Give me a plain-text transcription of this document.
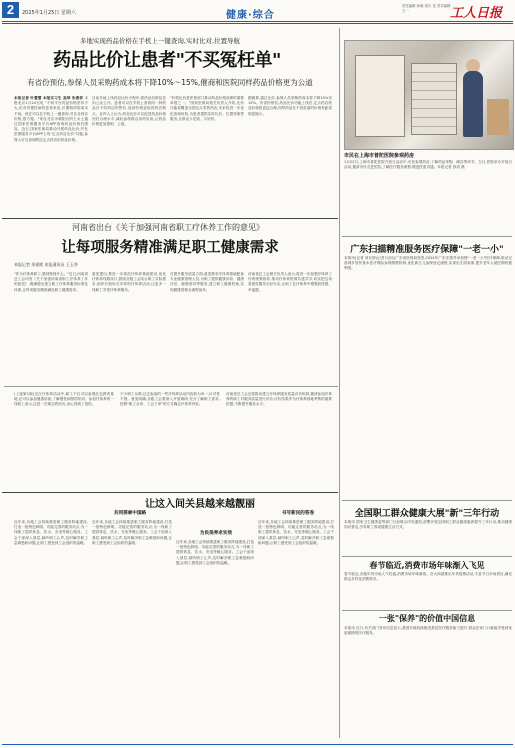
2	2025年1月25日 星期六	健康·综合
责任编辑 孙晓 周川 见 美术编辑 王一	工人日报
多地实现药品价格在手机上一键查询,实时比对,位置导航
药品比价让患者"不买冤枉单"
有省份预估,参保人员采购药成本将下降10%～15%,催商和医院同样药品价格更为公道
本报记者 叶蕾蕾 本报实习生 高琴 朱燕菲 本报北京1月24日电 "不同平台药品价格差异不大,但对有慢性病的患者来说,长期购药的成本不低。现在可以在手机上一键查询,对比各药店价格,很方便。"家住北京市朝阳区的王女士通过国家医保服务平台APP查询药品价格后感叹。近日,国家医保局推动开展药品比价,并在医保服务平台APP上线"定点药店比价"功能,参保人可以查询附近定点药店的药品价格。
目前多地上线药品比价小程序,将药品价格信息向公众公开。患者可以在手机上查看同一种药品在不同药店的售价,选择价格更低的药店购买。业内人士认为,药品比价可以促进药品价格回归合理水平,减轻参保群众用药负担,让药品价格更加透明、公道。
"价格比价是医保部门推动药品价格治理的重要举措之一。"国家医保局相关负责人介绍,比价功能将覆盖全国定点零售药店,未来将进一步优化查询体验,为患者提供实时比价、位置导航等服务,让群众少花钱、买好药。
据测算,通过比价,参保人员采购药成本将下降10%至15%。有省份预估,药品比价功能上线后,定点药店药品价格将更趋合理,同样药品在不同渠道的价格差距将明显缩小。
市民在上海市普陀医院参观药房
1月22日,上海市普陀医院开放日活动中,市民参观药房,了解药品采购、储存等环节。当日,医院举办开放日活动,邀请市民走进医院,了解医疗服务流程,增进医患沟通。本报记者 钱培 摄
广东扫描精准服务医疗保障"一老一小"
本报讯(记者 刘友婷)记者日前从广东省医保局获悉,2024年广东多措并举加强"一老一小"医疗保障,推动完善城乡居民基本医疗保险参保缴费机制,优化新生儿参保登记流程,实现出生即参保,提升老年人就医购药便利度。
全国职工群众健康大展"新"三年行动
本报讯 国家卫生健康委等部门日前联合印发通知,部署开展全国职工群众健康素养提升三年行动,推动健康知识普及,引导职工养成健康生活方式。
春节临近,消费市场年味渐入飞见
春节临近,各地年货市场人气旺盛,消费市场年味渐浓。各大商超推出年货促销活动,丰富节日市场供应,满足群众多样化消费需求。
一张"保养"的价值中国信息
本报讯 近日,有关部门发布信息显示,我国多地持续推进基层医疗服务能力提升,群众在家门口就能享受到优质便捷的医疗服务。
河南省出台《关于加强河南省职工疗休养工作的意见》
让每项服务精准满足职工健康需求
本报记者 余嘉熙 本报通讯员 王玉华
"作为疗休养职工,感到特别开心。"近日,河南省总工会印发《关于加强河南省职工疗休养工作的意见》,明确提出建立职工疗休养服务标准化体系,让每项服务精准满足职工健康需求。
意见提出,要进一步规范疗休养基地建设,优化疗休养线路设计,鼓励各级工会结合职工实际需求,组织开展形式多样的疗休养活动,让更多一线职工享受疗休养服务。
在提升服务质量方面,意见要求疗休养基地配备专业健康管理人员,为职工提供健康体检、健康评估、健康指导等服务,建立职工健康档案,实现健康管理全流程闭环。
河南省总工会相关负责人表示,将进一步加强疗休养工作的统筹指导,推动疗休养资源共建共享,切实把这项普惠性服务办好办实,让职工在疗休养中增强获得感、幸福感。
(上接第1版)这次疗休养活动中,职工不仅可以参观红色教育基地,还可以参加健康讲座,了解慢性病预防知识。参加疗休养的一线职工表示,这是一次难忘的经历,身心得到了放松。
不少职工反映,过去参加的一些疗休养活动内容较为单一,针对性不强。意见明确,各级工会要深入开展调研,充分了解职工需求,按照"职工点单、工会下单"的方式确定疗休养内容。
河南省总工会还将推动建立疗休养服务质量评价机制,邀请参加疗休养的职工对服务质量进行评价,评价结果作为疗休养基地考核的重要依据,不断提升服务水平。
让这入间关县越来越靓丽
共同探索中国路
为民保养求实效
书写新民的答卷
近年来,各地工会持续推进职工服务阵地建设,打造一批特色鲜明、功能完善的服务站点,为一线职工提供休息、饮水、充电等暖心服务。工会干部深入基层,倾听职工心声,及时解决职工急难愁盼问题,让职工感受到工会组织的温暖。
近年来,各地工会持续推进职工服务阵地建设,打造一批特色鲜明、功能完善的服务站点,为一线职工提供休息、饮水、充电等暖心服务。工会干部深入基层,倾听职工心声,及时解决职工急难愁盼问题,让职工感受到工会组织的温暖。	近年来,各地工会持续推进职工服务阵地建设,打造一批特色鲜明、功能完善的服务站点,为一线职工提供休息、饮水、充电等暖心服务。工会干部深入基层,倾听职工心声,及时解决职工急难愁盼问题,让职工感受到工会组织的温暖。
近年来,各地工会持续推进职工服务阵地建设,打造一批特色鲜明、功能完善的服务站点,为一线职工提供休息、饮水、充电等暖心服务。工会干部深入基层,倾听职工心声,及时解决职工急难愁盼问题,让职工感受到工会组织的温暖。
